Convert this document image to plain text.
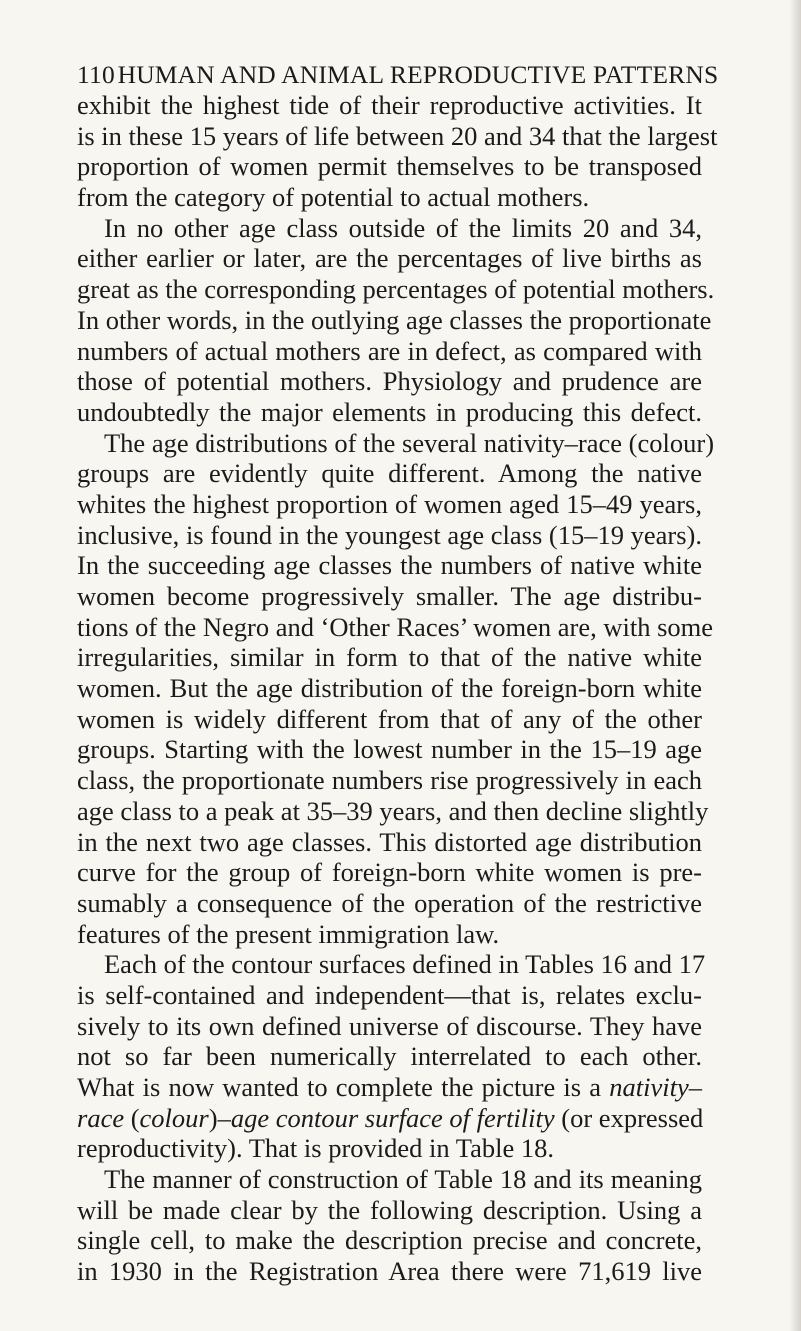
110 HUMAN AND ANIMAL REPRODUCTIVE PATTERNS
exhibit the highest tide of their reproductive activities. It
is in these 15 years of life between 20 and 34 that the largest
proportion of women permit themselves to be transposed
from the category of potential to actual mothers.
In no other age class outside of the limits 20 and 34,
either earlier or later, are the percentages of live births as
great as the corresponding percentages of potential mothers.
In other words, in the outlying age classes the proportionate
numbers of actual mothers are in defect, as compared with
those of potential mothers. Physiology and prudence are
undoubtedly the major elements in producing this defect.
The age distributions of the several nativity–race (colour)
groups are evidently quite different. Among the native
whites the highest proportion of women aged 15–49 years,
inclusive, is found in the youngest age class (15–19 years).
In the succeeding age classes the numbers of native white
women become progressively smaller. The age distribu-
tions of the Negro and ‘Other Races’ women are, with some
irregularities, similar in form to that of the native white
women. But the age distribution of the foreign-born white
women is widely different from that of any of the other
groups. Starting with the lowest number in the 15–19 age
class, the proportionate numbers rise progressively in each
age class to a peak at 35–39 years, and then decline slightly
in the next two age classes. This distorted age distribution
curve for the group of foreign-born white women is pre-
sumably a consequence of the operation of the restrictive
features of the present immigration law.
Each of the contour surfaces defined in Tables 16 and 17
is self-contained and independent—that is, relates exclu-
sively to its own defined universe of discourse. They have
not so far been numerically interrelated to each other.
What is now wanted to complete the picture is a nativity–
race (colour)–age contour surface of fertility (or expressed
reproductivity). That is provided in Table 18.
The manner of construction of Table 18 and its meaning
will be made clear by the following description. Using a
single cell, to make the description precise and concrete,
in 1930 in the Registration Area there were 71,619 live
